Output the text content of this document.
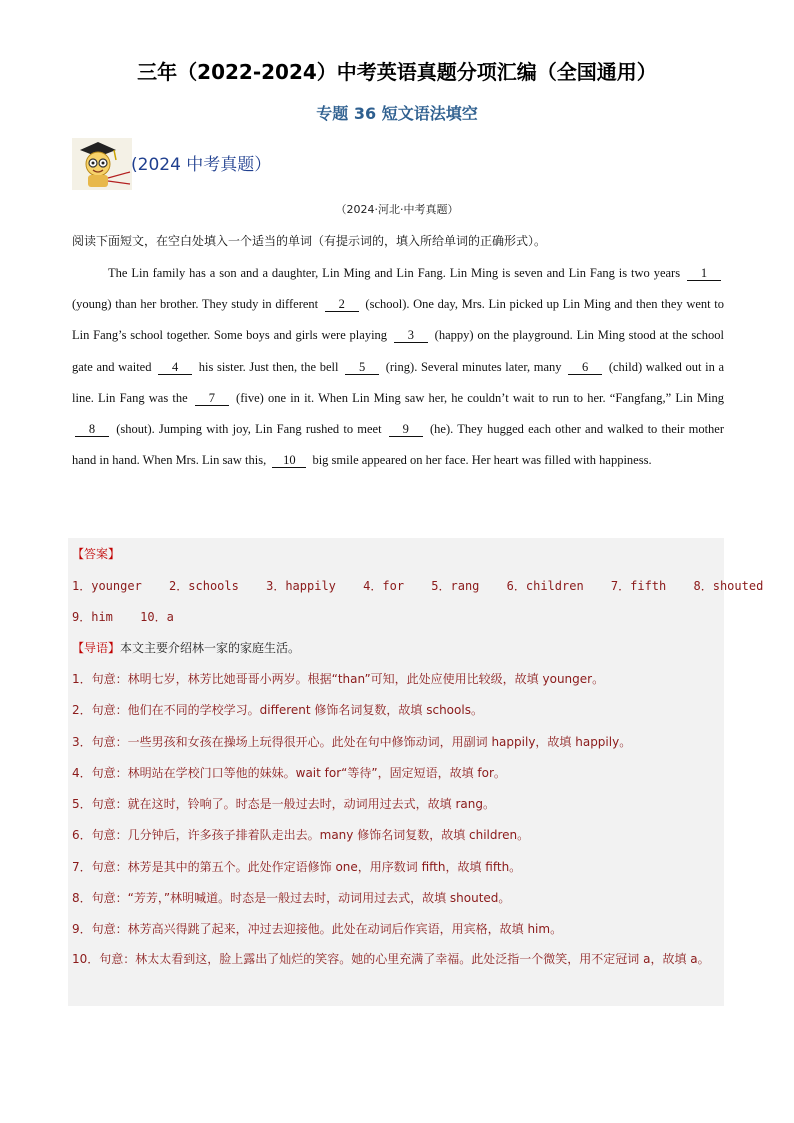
三年（2022-2024）中考英语真题分项汇编（全国通用）
专题 36 短文语法填空
(2024 中考真题）
（2024·河北·中考真题）
阅读下面短文，在空白处填入一个适当的单词（有提示词的，填入所给单词的正确形式）。

The Lin family has a son and a daughter, Lin Ming and Lin Fang. Lin Ming is seven and Lin Fang is two years 1 (young) than her brother. They study in different 2 (school). One day, Mrs. Lin picked up Lin Ming and then they went to Lin Fang’s school together. Some boys and girls were playing 3 (happy) on the playground. Lin Ming stood at the school gate and waited 4 his sister. Just then, the bell 5 (ring). Several minutes later, many 6 (child) walked out in a line. Lin Fang was the 7 (five) one in it. When Lin Ming saw her, he couldn’t wait to run to her. “Fangfang,” Lin Ming 8 (shout). Jumping with joy, Lin Fang rushed to meet 9 (he). They hugged each other and walked to their mother hand in hand. When Mrs. Lin saw this, 10 big smile appeared on her face. Her heart was filled with happiness.

【答案】
1．younger 2．schools 3．happily 4．for 5．rang 6．children 7．fifth 8．shouted
9．him 10．a
【导语】本文主要介绍林一家的家庭生活。
1．句意：林明七岁，林芳比她哥哥小两岁。根据“than”可知，此处应使用比较级，故填 younger。
2．句意：他们在不同的学校学习。different 修饰名词复数，故填 schools。
3．句意：一些男孩和女孩在操场上玩得很开心。此处在句中修饰动词，用副词 happily，故填 happily。
4．句意：林明站在学校门口等他的妹妹。wait for“等待”，固定短语，故填 for。
5．句意：就在这时，铃响了。时态是一般过去时，动词用过去式，故填 rang。
6．句意：几分钟后，许多孩子排着队走出去。many 修饰名词复数，故填 children。
7．句意：林芳是其中的第五个。此处作定语修饰 one，用序数词 fifth，故填 fifth。
8．句意：“芳芳，”林明喊道。时态是一般过去时，动词用过去式，故填 shouted。
9．句意：林芳高兴得跳了起来，冲过去迎接他。此处在动词后作宾语，用宾格，故填 him。
10．句意：林太太看到这，脸上露出了灿烂的笑容。她的心里充满了幸福。此处泛指一个微笑，用不定冠词 a，故填 a。
